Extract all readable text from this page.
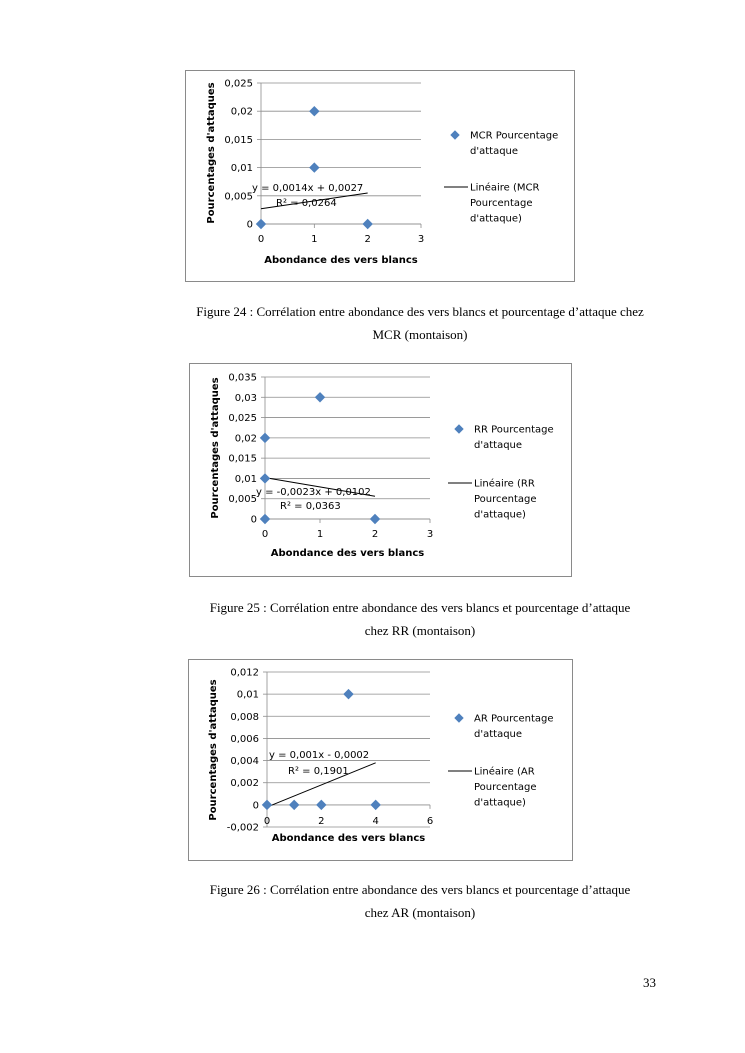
0
0,005
0,01
0,015
0,02
0,025
0	1	2	3
Abondance des vers blancs
Pourcentages d'attaques	y = 0,0014x + 0,0027
R² = 0,0264
MCR Pourcentage
d'attaque
Linéaire (MCR
Pourcentage
d'attaque)
Figure 24 : Corrélation entre abondance des vers blancs et pourcentage d’attaque chez
MCR (montaison)
0
0,005
0,01
0,015
0,02
0,025
0,03
0,035
0	1	2	3
Abondance des vers blancs
Pourcentages d'attaques	y = -0,0023x + 0,0102
R² = 0,0363
RR Pourcentage
d'attaque
Linéaire (RR
Pourcentage
d'attaque)
Figure 25 : Corrélation entre abondance des vers blancs et pourcentage d’attaque
chez RR (montaison)
-0,002
0
0,002
0,004
0,006
0,008
0,01
0,012
0	2	4	6
Abondance des vers blancs
Pourcentages d'attaques	y = 0,001x - 0,0002
R² = 0,1901
AR Pourcentage
d'attaque
Linéaire (AR
Pourcentage
d'attaque)
Figure 26 : Corrélation entre abondance des vers blancs et pourcentage d’attaque
chez AR (montaison)
33
